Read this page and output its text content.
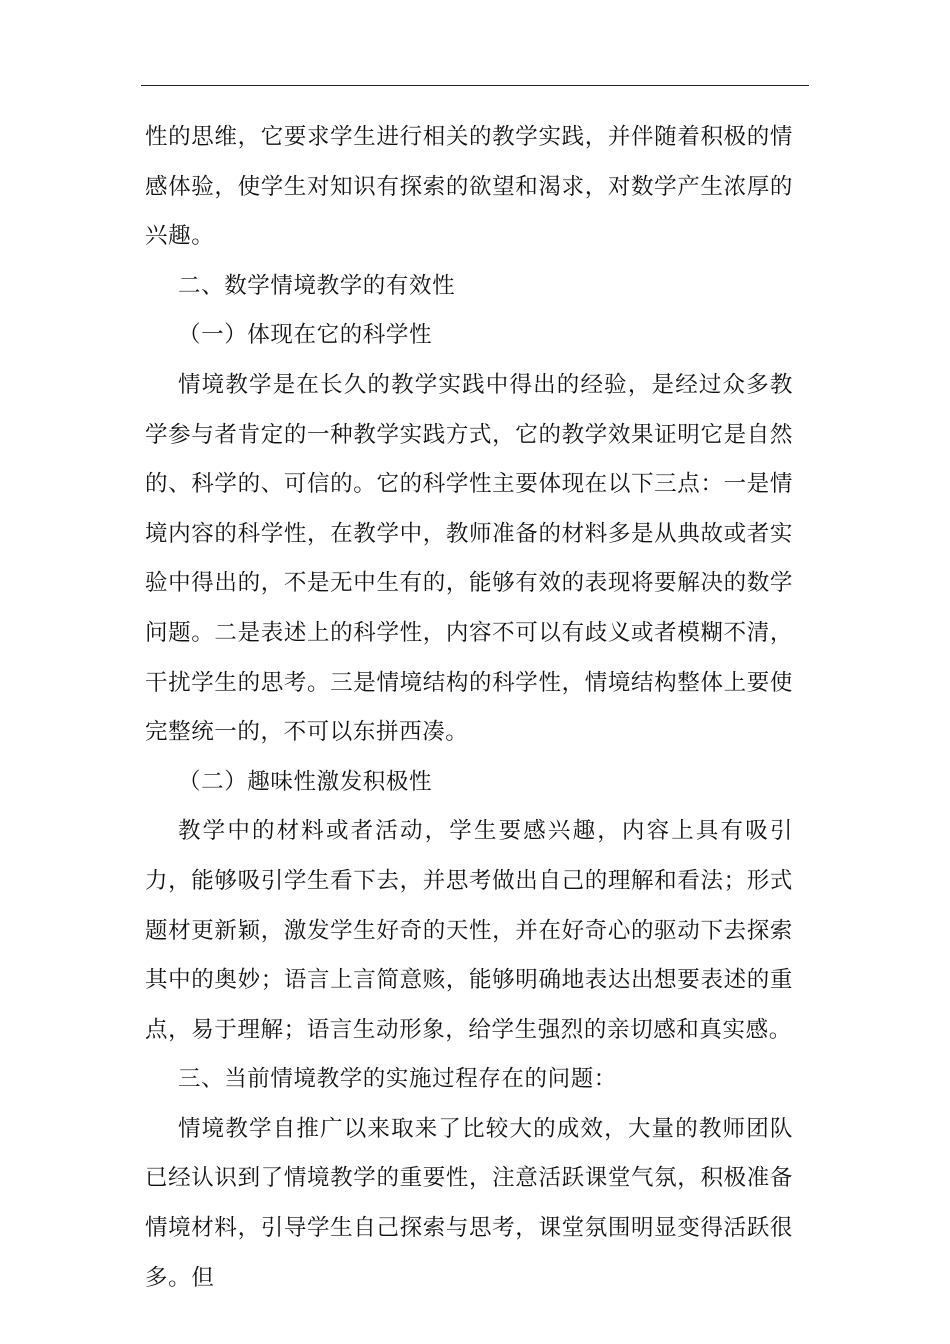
性的思维，它要求学生进行相关的教学实践，并伴随着积极的情感体验，使学生对知识有探索的欲望和渴求，对数学产生浓厚的兴趣。

二、数学情境教学的有效性

（一）体现在它的科学性

情境教学是在长久的教学实践中得出的经验，是经过众多教学参与者肯定的一种教学实践方式，它的教学效果证明它是自然的、科学的、可信的。它的科学性主要体现在以下三点：一是情境内容的科学性，在教学中，教师准备的材料多是从典故或者实验中得出的，不是无中生有的，能够有效的表现将要解决的数学问题。二是表述上的科学性，内容不可以有歧义或者模糊不清，干扰学生的思考。三是情境结构的科学性，情境结构整体上要使完整统一的，不可以东拼西凑。

（二）趣味性激发积极性

教学中的材料或者活动，学生要感兴趣，内容上具有吸引力，能够吸引学生看下去，并思考做出自己的理解和看法；形式题材更新颖，激发学生好奇的天性，并在好奇心的驱动下去探索其中的奥妙；语言上言简意赅，能够明确地表达出想要表述的重点，易于理解；语言生动形象，给学生强烈的亲切感和真实感。

三、当前情境教学的实施过程存在的问题：

情境教学自推广以来取来了比较大的成效，大量的教师团队已经认识到了情境教学的重要性，注意活跃课堂气氛，积极准备情境材料，引导学生自己探索与思考，课堂氛围明显变得活跃很多。但
